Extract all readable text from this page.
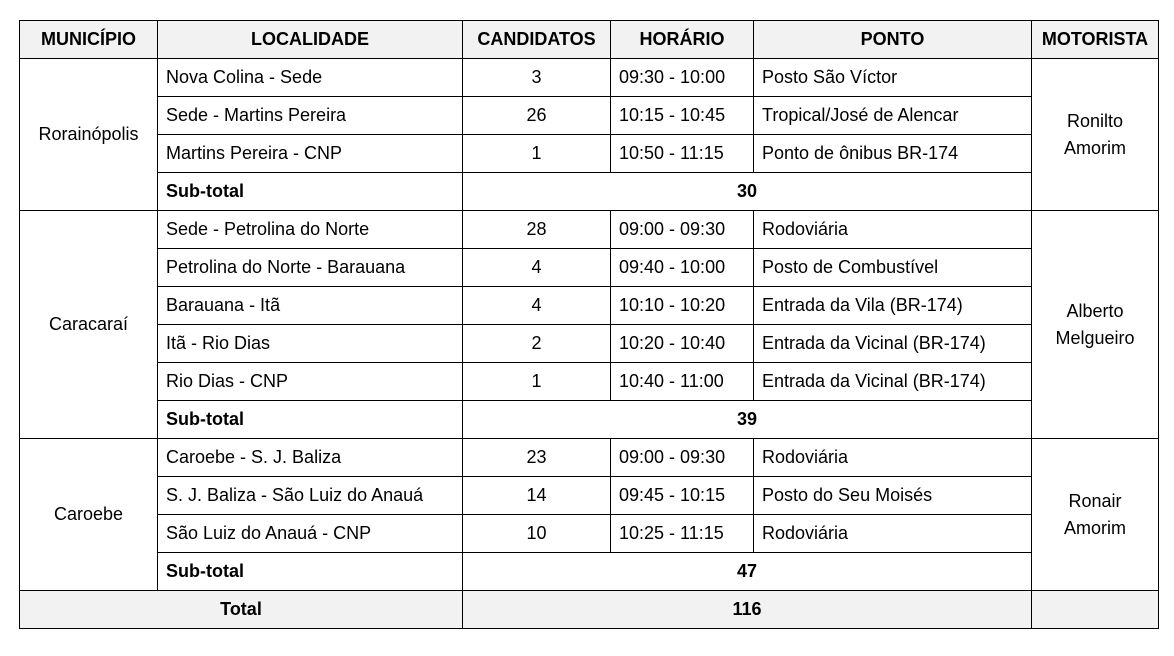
MUNICÍPIO	LOCALIDADE	CANDIDATOS	HORÁRIO	PONTO	MOTORISTA
Rorainópolis	Nova Colina - Sede	3	09:30 - 10:00	Posto São Víctor	Ronilto
Amorim
	Sede - Martins Pereira	26	10:15 - 10:45	Tropical/José de Alencar	
	Martins Pereira - CNP	1	10:50 - 11:15	Ponto de ônibus BR-174	
	Sub-total	30			
Caracaraí	Sede - Petrolina do Norte	28	09:00 - 09:30	Rodoviária	Alberto
Melgueiro
	Petrolina do Norte - Barauana	4	09:40 - 10:00	Posto de Combustível	
	Barauana - Itã	4	10:10 - 10:20	Entrada da Vila (BR-174)	
	Itã - Rio Dias	2	10:20 - 10:40	Entrada da Vicinal (BR-174)	
	Rio Dias - CNP	1	10:40 - 11:00	Entrada da Vicinal (BR-174)	
	Sub-total	39			
Caroebe	Caroebe - S. J. Baliza	23	09:00 - 09:30	Rodoviária	Ronair
Amorim
	S. J. Baliza - São Luiz do Anauá	14	09:45 - 10:15	Posto do Seu Moisés	
	São Luiz do Anauá - CNP	10	10:25 - 11:15	Rodoviária	
	Sub-total	47			
Total		116			
